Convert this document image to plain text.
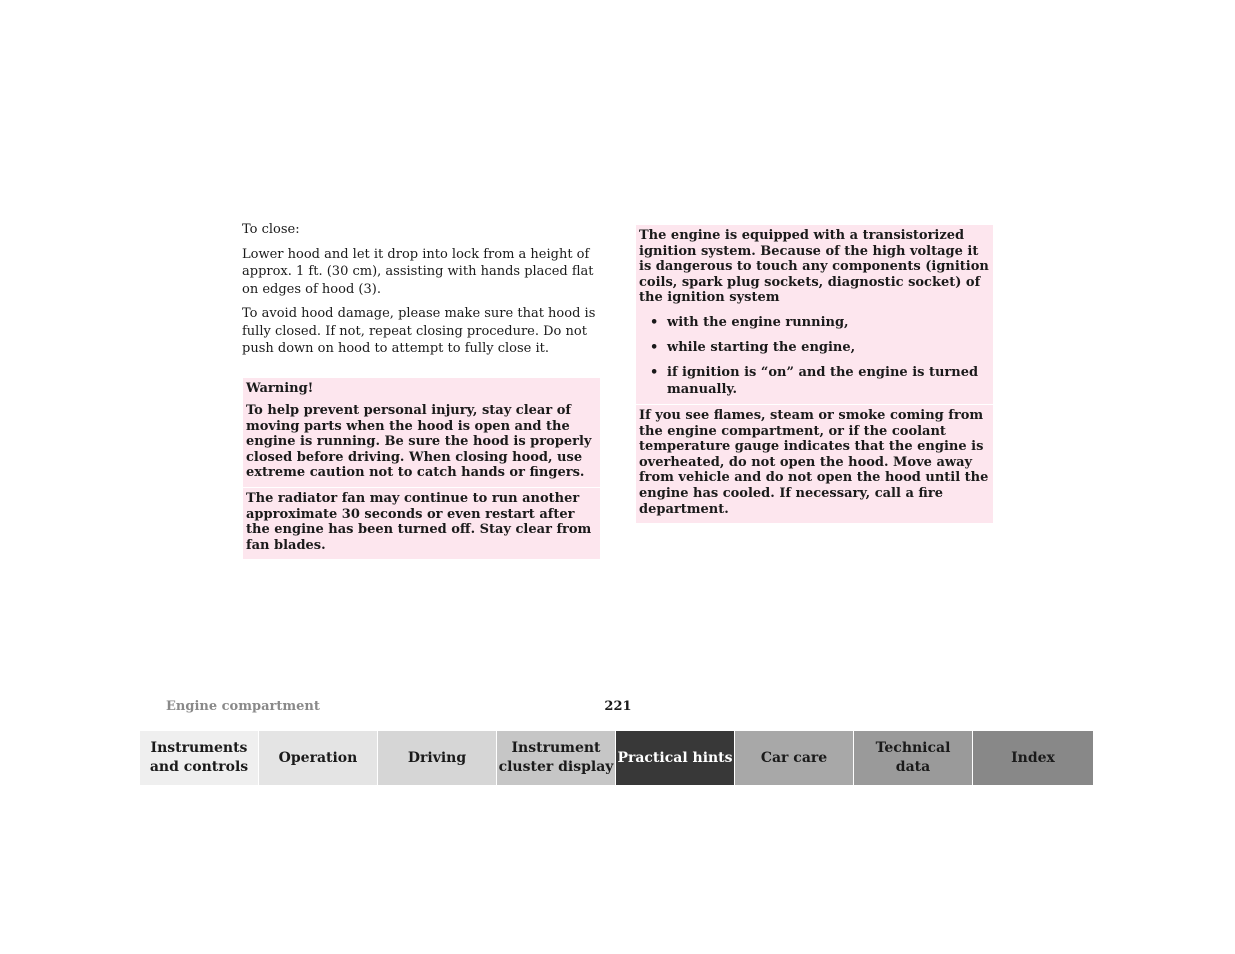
To close:

Lower hood and let it drop into lock from a height of approx. 1 ft. (30 cm), assisting with hands placed flat on edges of hood (3).

To avoid hood damage, please make sure that hood is fully closed. If not, repeat closing procedure. Do not push down on hood to attempt to fully close it.

Warning!

To help prevent personal injury, stay clear of moving parts when the hood is open and the engine is running. Be sure the hood is properly closed before driving. When closing hood, use extreme caution not to catch hands or fingers.

The radiator fan may continue to run another approximate 30 seconds or even restart after the engine has been turned off. Stay clear from fan blades.

The engine is equipped with a transistorized ignition system. Because of the high voltage it is dangerous to touch any components (ignition coils, spark plug sockets, diagnostic socket) of the ignition system

• with the engine running,
• while starting the engine,
• if ignition is “on” and the engine is turned manually.

If you see flames, steam or smoke coming from the engine compartment, or if the coolant temperature gauge indicates that the engine is overheated, do not open the hood. Move away from vehicle and do not open the hood until the engine has cooled. If necessary, call a fire department.

Engine compartment	221
Instruments
and controls
Operation	Driving
Instrument
cluster display
Practical hints	Car care
Technical
data
Index
